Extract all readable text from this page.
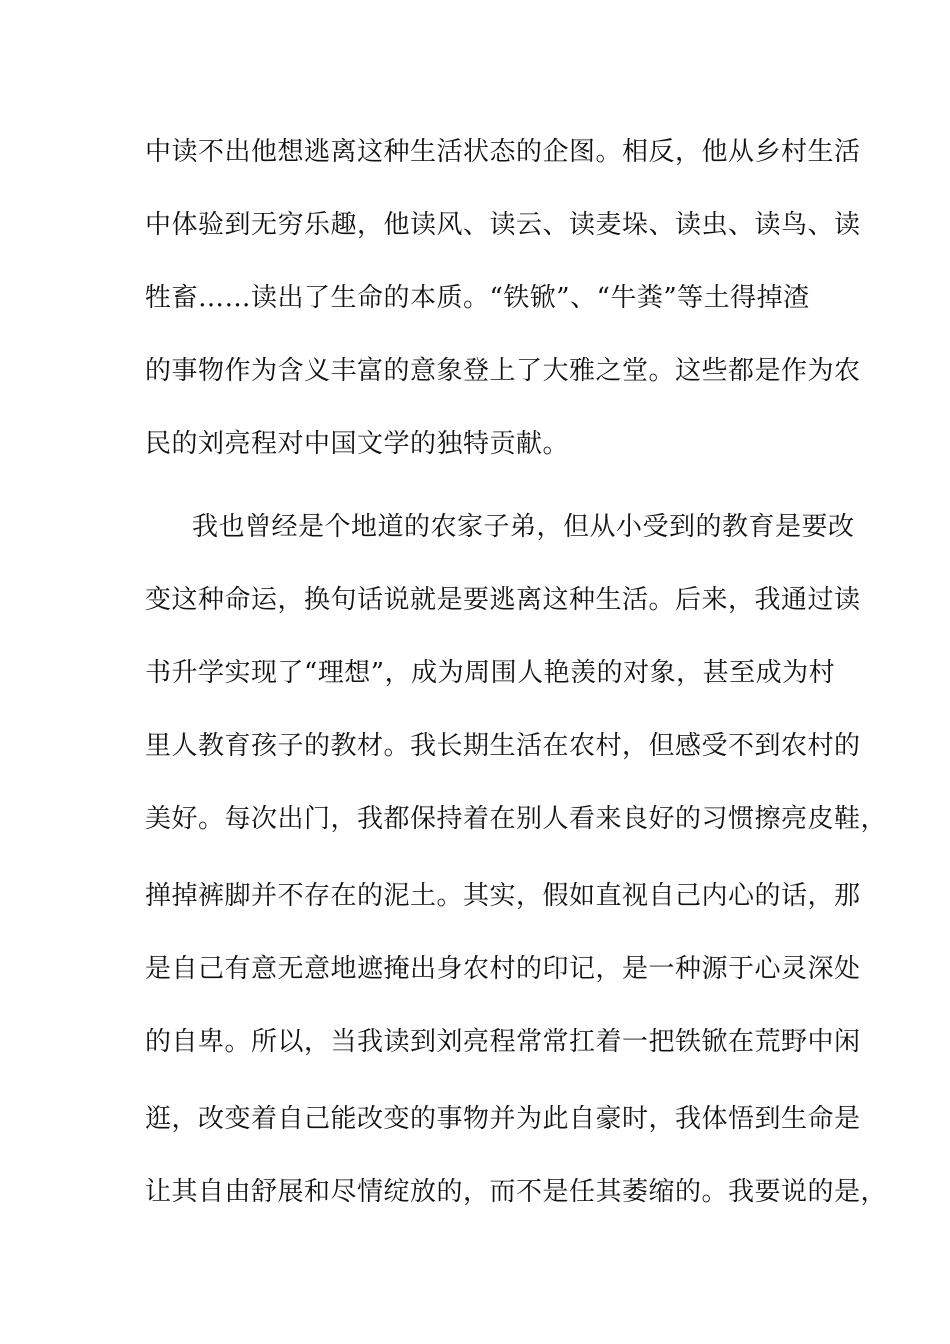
中读不出他想逃离这种生活状态的企图。相反，他从乡村生活
中体验到无穷乐趣，他读风、读云、读麦垛、读虫、读鸟、读
牲畜……读出了生命的本质。“铁锨”、“牛粪”等土得掉渣
的事物作为含义丰富的意象登上了大雅之堂。这些都是作为农
民的刘亮程对中国文学的独特贡献。
我也曾经是个地道的农家子弟，但从小受到的教育是要改
变这种命运，换句话说就是要逃离这种生活。后来，我通过读
书升学实现了“理想”，成为周围人艳羡的对象，甚至成为村
里人教育孩子的教材。我长期生活在农村，但感受不到农村的
美好。每次出门，我都保持着在别人看来良好的习惯擦亮皮鞋，
掸掉裤脚并不存在的泥土。其实，假如直视自己内心的话，那
是自己有意无意地遮掩出身农村的印记，是一种源于心灵深处
的自卑。所以，当我读到刘亮程常常扛着一把铁锨在荒野中闲
逛，改变着自己能改变的事物并为此自豪时，我体悟到生命是
让其自由舒展和尽情绽放的，而不是任其萎缩的。我要说的是，
